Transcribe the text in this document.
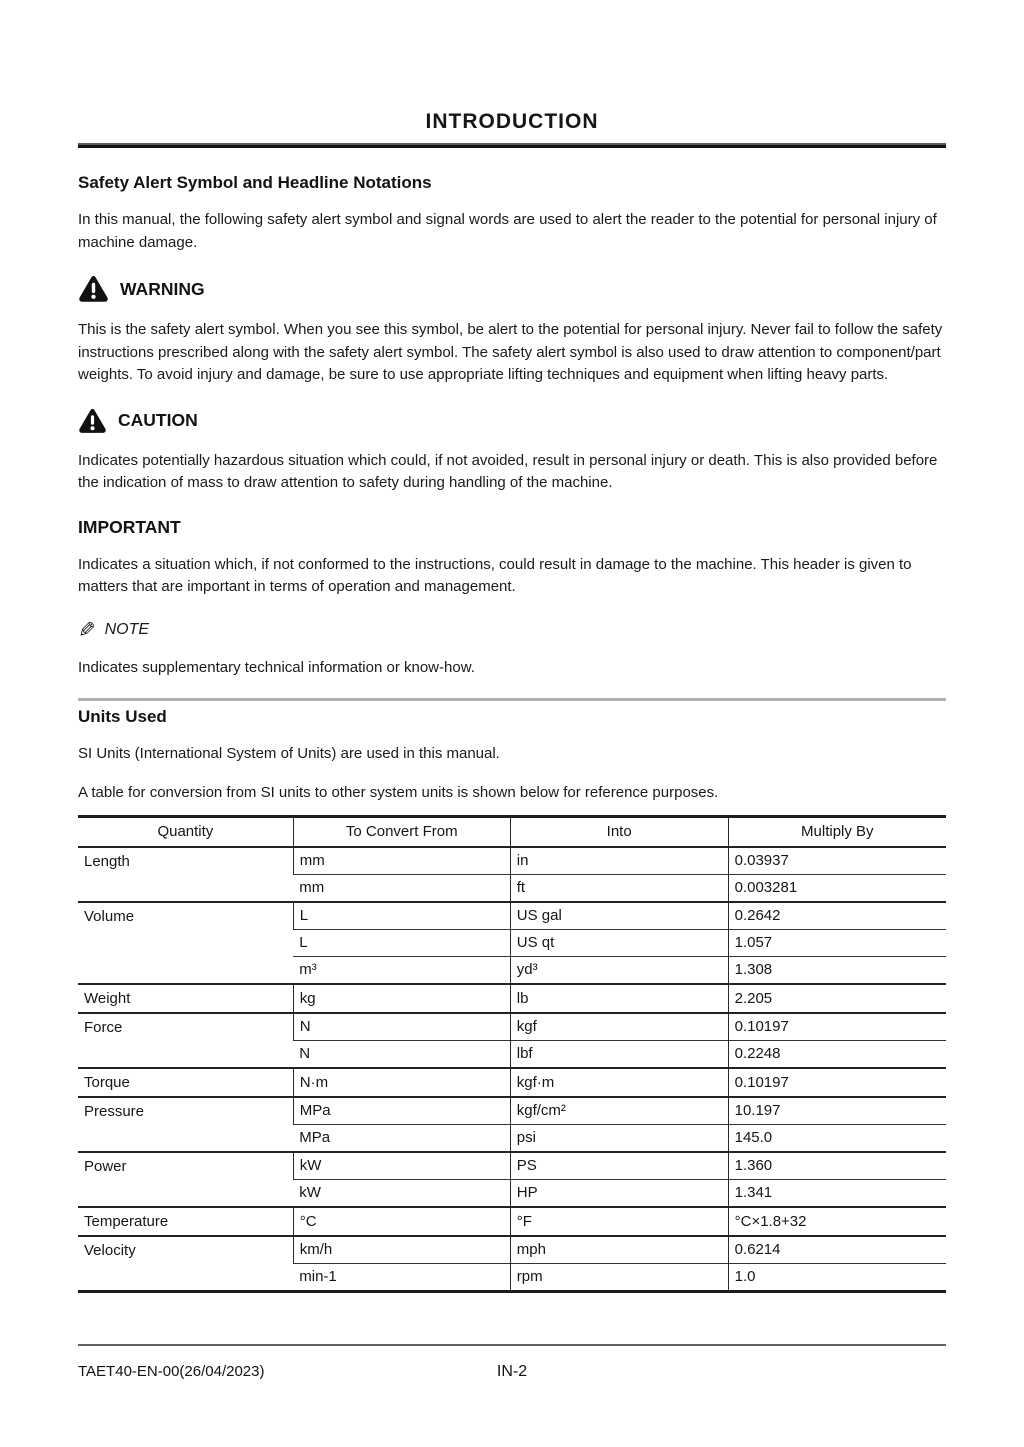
INTRODUCTION
Safety Alert Symbol and Headline Notations

In this manual, the following safety alert symbol and signal words are used to alert the reader to the potential for personal injury of machine damage.

WARNING

This is the safety alert symbol. When you see this symbol, be alert to the potential for personal injury. Never fail to follow the safety instructions prescribed along with the safety alert symbol. The safety alert symbol is also used to draw attention to component/part weights. To avoid injury and damage, be sure to use appropriate lifting techniques and equipment when lifting heavy parts.

CAUTION

Indicates potentially hazardous situation which could, if not avoided, result in personal injury or death. This is also provided before the indication of mass to draw attention to safety during handling of the machine.

IMPORTANT

Indicates a situation which, if not conformed to the instructions, could result in damage to the machine. This header is given to matters that are important in terms of operation and management.

✎ NOTE

Indicates supplementary technical information or know-how.

Units Used

SI Units (International System of Units) are used in this manual.

A table for conversion from SI units to other system units is shown below for reference purposes.

Quantity	To Convert From	Into	Multiply By
Length	mm	in	0.03937
	mm	ft	0.003281
Volume	L	US gal	0.2642
	L	US qt	1.057
	m³	yd³	1.308
Weight	kg	lb	2.205
Force	N	kgf	0.10197
	N	lbf	0.2248
Torque	N·m	kgf·m	0.10197
Pressure	MPa	kgf/cm²	10.197
	MPa	psi	145.0
Power	kW	PS	1.360
	kW	HP	1.341
Temperature	°C	°F	°C×1.8+32
Velocity	km/h	mph	0.6214
	min-1	rpm	1.0
TAET40-EN-00(26/04/2023)	IN-2
